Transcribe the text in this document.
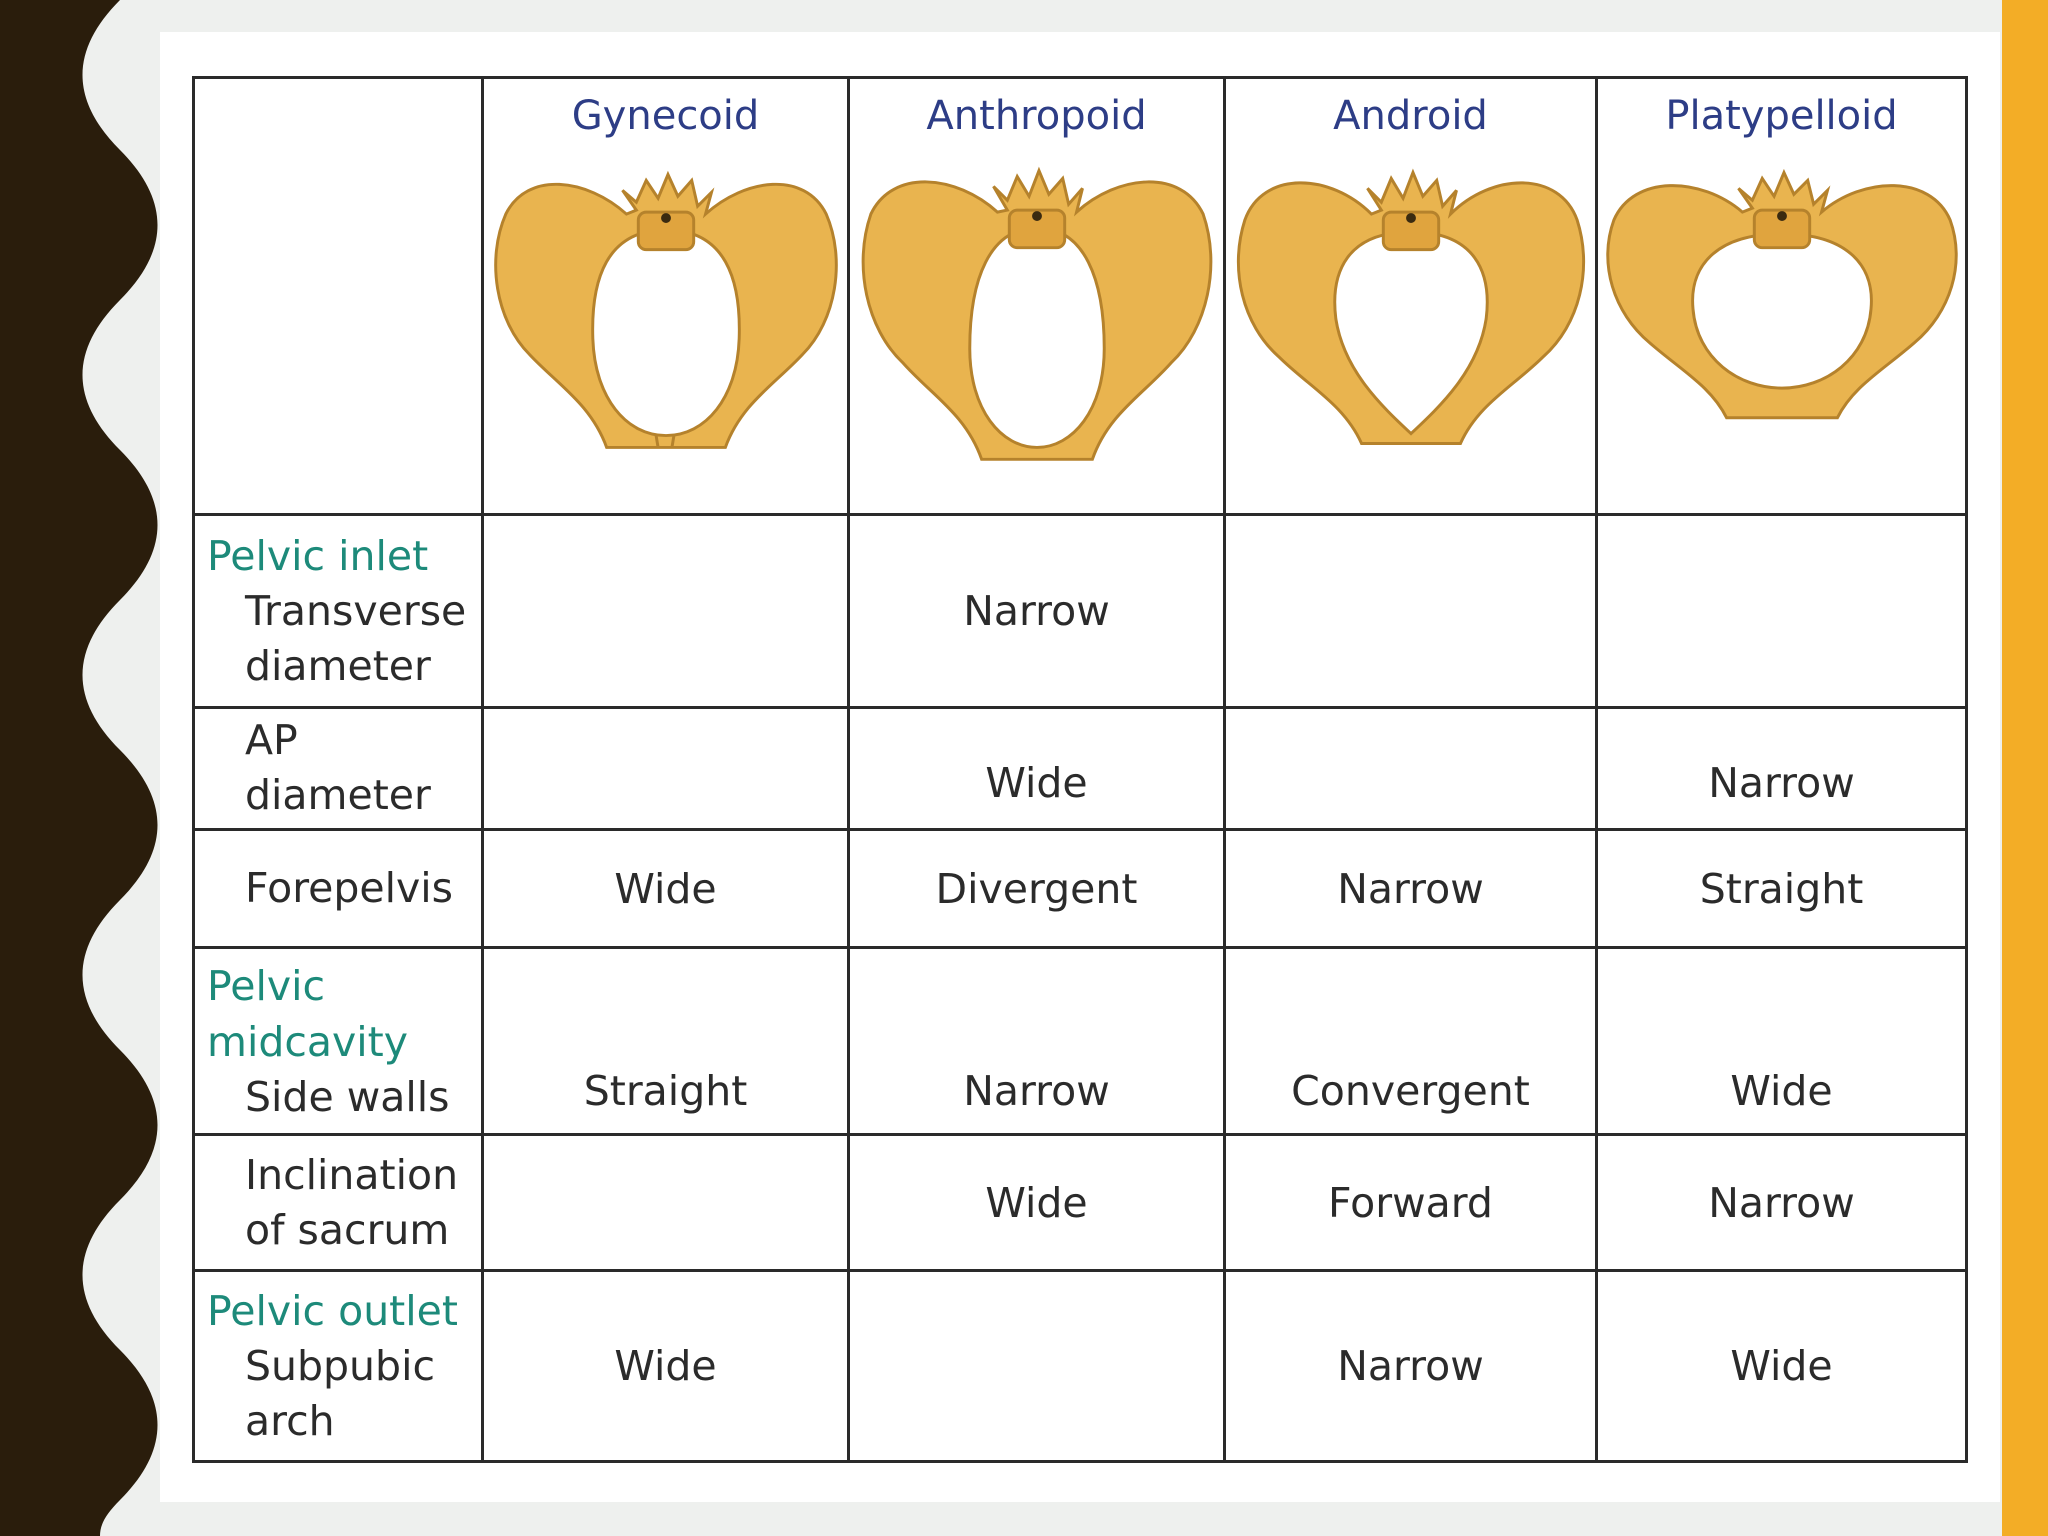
	Gynecoid	Anthropoid	Android	Platypelloid

Pelvic inlet
Transverse
diameter		Narrow		

AP diameter		Wide		Narrow

Forepelvis	Wide	Divergent	Narrow	Straight

Pelvic
midcavity
Side walls	Straight	Narrow	Convergent	Wide

Inclination
of sacrum		Wide	Forward	Narrow

Pelvic outlet
Subpubic
arch	Wide		Narrow	Wide
